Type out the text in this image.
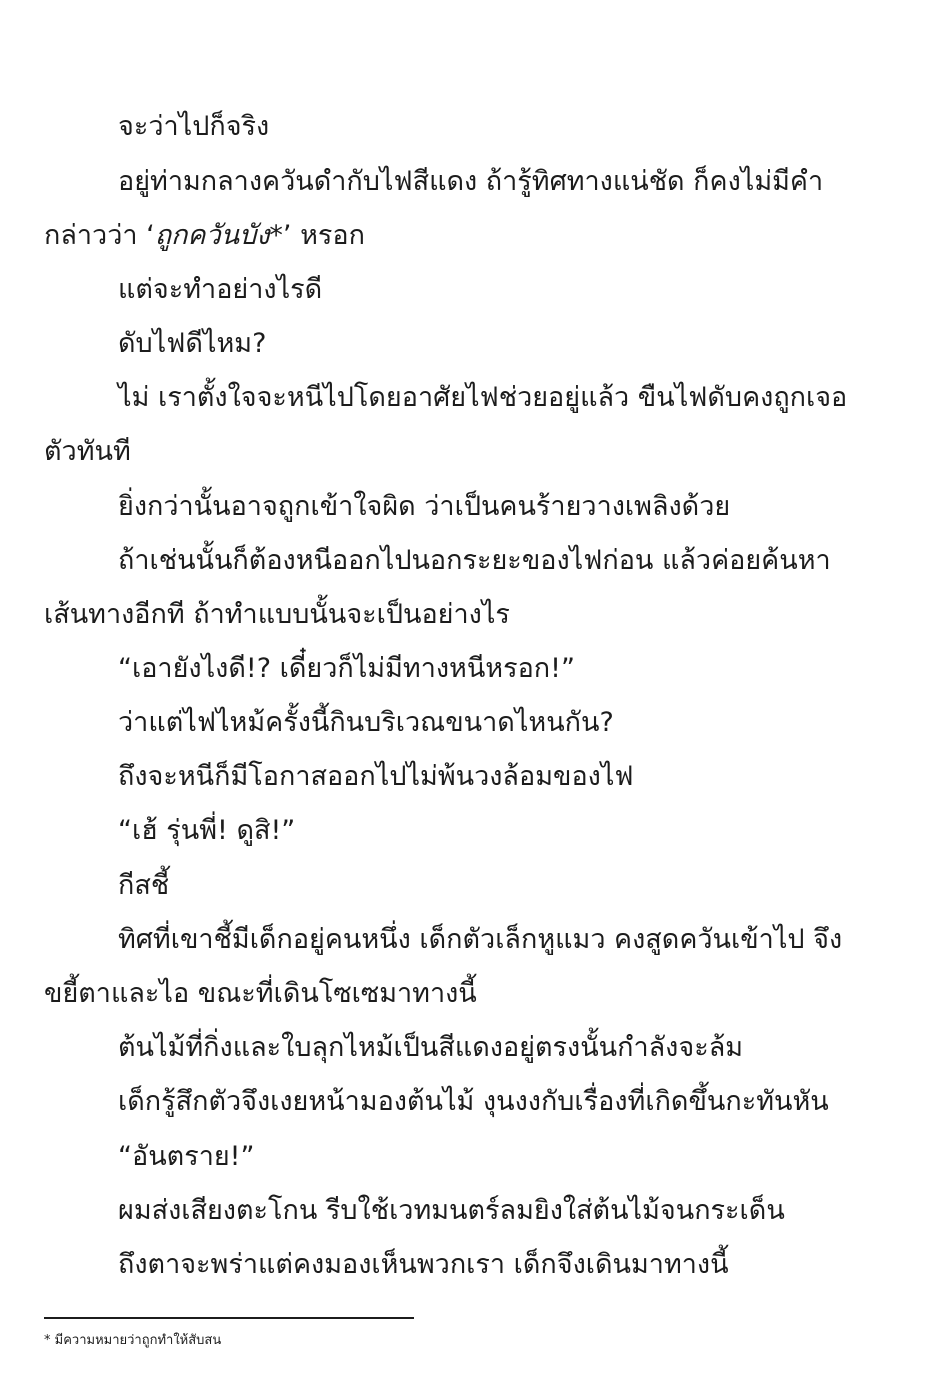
จะว่าไปก็จริง
อยู่ท่ามกลางควันดำกับไฟสีแดง ถ้ารู้ทิศทางแน่ชัด ก็คงไม่มีคำ
กล่าวว่า ‘ถูกควันบัง*’ หรอก
แต่จะทำอย่างไรดี
ดับไฟดีไหม?
ไม่ เราตั้งใจจะหนีไปโดยอาศัยไฟช่วยอยู่แล้ว ขืนไฟดับคงถูกเจอ
ตัวทันที
ยิ่งกว่านั้นอาจถูกเข้าใจผิด ว่าเป็นคนร้ายวางเพลิงด้วย
ถ้าเช่นนั้นก็ต้องหนีออกไปนอกระยะของไฟก่อน แล้วค่อยค้นหา
เส้นทางอีกที ถ้าทำแบบนั้นจะเป็นอย่างไร
“เอายังไงดี!? เดี๋ยวก็ไม่มีทางหนีหรอก!”
ว่าแต่ไฟไหม้ครั้งนี้กินบริเวณขนาดไหนกัน?
ถึงจะหนีก็มีโอกาสออกไปไม่พ้นวงล้อมของไฟ
“เฮ้ รุ่นพี่! ดูสิ!”
กีสชี้
ทิศที่เขาชี้มีเด็กอยู่คนหนึ่ง เด็กตัวเล็กหูแมว คงสูดควันเข้าไป จึง
ขยี้ตาและไอ ขณะที่เดินโซเซมาทางนี้
ต้นไม้ที่กิ่งและใบลุกไหม้เป็นสีแดงอยู่ตรงนั้นกำลังจะล้ม
เด็กรู้สึกตัวจึงเงยหน้ามองต้นไม้ งุนงงกับเรื่องที่เกิดขึ้นกะทันหัน
“อันตราย!”
ผมส่งเสียงตะโกน รีบใช้เวทมนตร์ลมยิงใส่ต้นไม้จนกระเด็น
ถึงตาจะพร่าแต่คงมองเห็นพวกเรา เด็กจึงเดินมาทางนี้
* มีความหมายว่าถูกทำให้สับสน
